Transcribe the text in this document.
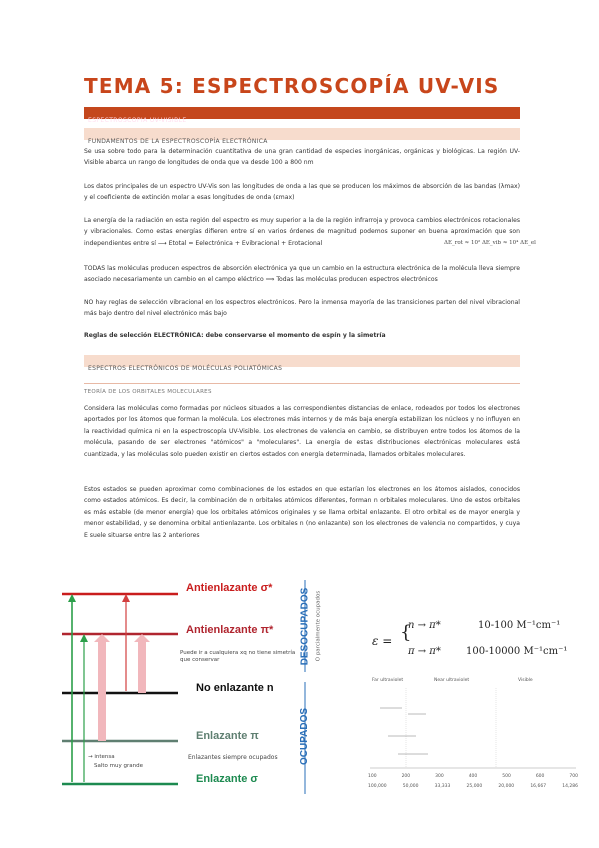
TEMA 5: ESPECTROSCOPÍA UV-VIS
ESPECTROSCOPIA UV-VISIBLE
FUNDAMENTOS DE LA ESPECTROSCOPÍA ELECTRÓNICA

Se usa sobre todo para la determinación cuantitativa de una gran cantidad de especies inorgánicas, orgánicas y biológicas. La región UV-Visible abarca un rango de longitudes de onda que va desde 100 a 800 nm

Los datos principales de un espectro UV-Vis son las longitudes de onda a las que se producen los máximos de absorción de las bandas (λmax) y el coeficiente de extinción molar a esas longitudes de onda (εmax)

La energía de la radiación en esta región del espectro es muy superior a la de la región infrarroja y provoca cambios electrónicos rotacionales y vibracionales. Como estas energías difieren entre sí en varios órdenes de magnitud podemos suponer en buena aproximación que son independientes entre sí ⟶ Etotal = Eelectrónica + Evibracional + Erotacional	ΔE_rot ≈ 10² ΔE_vib ≈ 10⁴ ΔE_el

TODAS las moléculas producen espectros de absorción electrónica ya que un cambio en la estructura electrónica de la molécula lleva siempre asociado necesariamente un cambio en el campo eléctrico ⟹ Todas las moléculas producen espectros electrónicos

NO hay reglas de selección vibracional en los espectros electrónicos. Pero la inmensa mayoría de las transiciones parten del nivel vibracional más bajo dentro del nivel electrónico más bajo

Reglas de selección ELECTRÓNICA: debe conservarse el momento de espín y la simetría

ESPECTROS ELECTRÓNICOS DE MOLÉCULAS POLIATÓMICAS
TEORÍA DE LOS ORBITALES MOLECULARES

Considera las moléculas como formadas por núcleos situados a las correspondientes distancias de enlace, rodeados por todos los electrones aportados por los átomos que forman la molécula. Los electrones más internos y de más baja energía estabilizan los núcleos y no influyen en la reactividad química ni en la espectroscopía UV-Visible. Los electrones de valencia en cambio, se distribuyen entre todos los átomos de la molécula, pasando de ser electrones "atómicos" a "moleculares". La energía de estas distribuciones electrónicas moleculares está cuantizada, y las moléculas solo pueden existir en ciertos estados con energía determinada, llamados orbitales moleculares.

Estos estados se pueden aproximar como combinaciones de los estados en que estarían los electrones en los átomos aislados, conocidos como estados atómicos. Es decir, la combinación de n orbitales atómicos diferentes, forman n orbitales moleculares. Uno de estos orbitales es más estable (de menor energía) que los orbitales atómicos originales y se llama orbital enlazante. El otro orbital es de mayor energía y menor estabilidad, y se denomina orbital antienlazante. Los orbitales n (no enlazante) son los electrones de valencia no compartidos, y cuya E suele situarse entre las 2 anteriores

Antienlazante σ*
Antienlazante π*
No enlazante n
Enlazante π
Enlazante σ
Puede ir a cualquiera xq no tiene simetría que conservar
Enlazantes siempre ocupados
→ intensa
Salto muy grande
DESOCUPADOS O parcialmente ocupados
OCUPADOS
ε = {
n → π*	10-100 M⁻¹cm⁻¹
π → π*	100-10000 M⁻¹cm⁻¹
Far ultraviolet	Near ultraviolet	Visible
100	200	300	400	500	600	700
100,000	50,000	33,333	25,000	20,000	16,667	14,286
